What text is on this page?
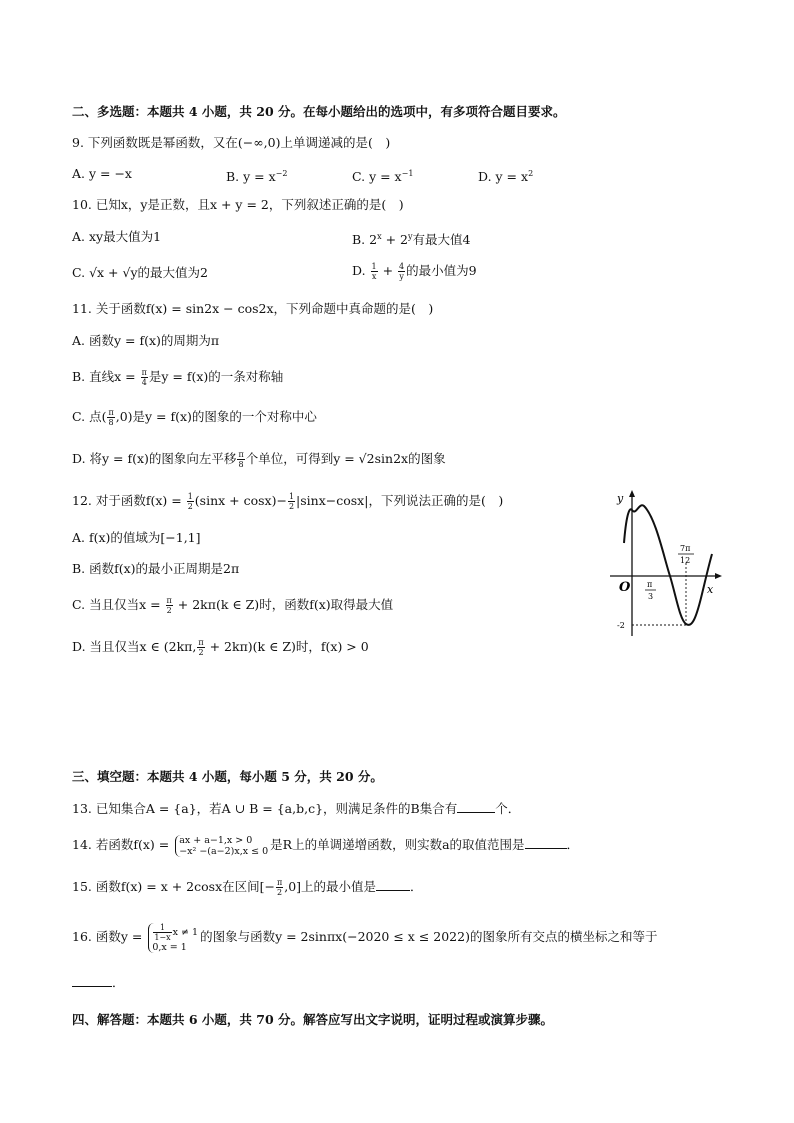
二、多选题：本题共 4 小题，共 20 分。在每小题给出的选项中，有多项符合题目要求。
9. 下列函数既是幂函数，又在(−∞,0)上单调递减的是(　)
A. y = −x	B. $y = x^{-2}$	C. $y = x^{-1}$	D. $y = x^2$
10. 已知x，y是正数，且x + y = 2，下列叙述正确的是(　)
A. xy最大值为1	B. $2^x + 2^y$有最大值4
C. √x + √y的最大值为2	D. $\frac{1}{x} + \frac{4}{y}$ 的最小值为9
11. 关于函数f(x) = sin2x − cos2x，下列命题中真命题的是(　)
A. 函数y = f(x)的周期为π
B. 直线$x = \frac{\pi}{4}$ 是y = f(x)的一条对称轴
C. 点( $\frac{\pi}{8} ,0$)是y = f(x)的图象的一个对称中心
D. 将y = f(x)的图象向左平移 $\frac{\pi}{8}$ 个单位，可得到y = √2sin2x的图象
12. 对于函数$f(x) = \frac{1}{2} (\sin x + \cos x)- \frac{1}{2} |\sin x-\cos x|$，下列说法正确的是(　)
A. f(x)的值域为[−1,1]
B. 函数f(x)的最小正周期是2π
C. 当且仅当$x = \frac{\pi}{2} + 2k\pi(k$ ∈ Z)时，函数f(x)取得最大值
D. 当且仅当x ∈ (2kπ, $\frac{\pi}{2} + 2k\pi)(k$ ∈ Z)时，f(x) > 0
y
x
O π
3
7π
12
-2
三、填空题：本题共 4 小题，每小题 5 分，共 20 分。
13. 已知集合A = {a}，若A ∪ B = {a,b,c}，则满足条件的B集合有	个．
14. 若函数f(x) = ax + a−1,x > 0
−x² −(a−2)x,x ≤ 0 是R上的单调递增函数，则实数a的取值范围是	．
15. 函数f(x) = x + 2cosx在区间[− $\frac{\pi}{2} ,0$]上的最小值是	．
16. 函数$y = \frac{1}{1-x}$ x ≠ 1
0,x = 1
的图象与函数y = 2sinπx(−2020 ≤ x ≤ 2022)的图象所有交点的横坐标之和等于
．
四、解答题：本题共 6 小题，共 70 分。解答应写出文字说明，证明过程或演算步骤。
